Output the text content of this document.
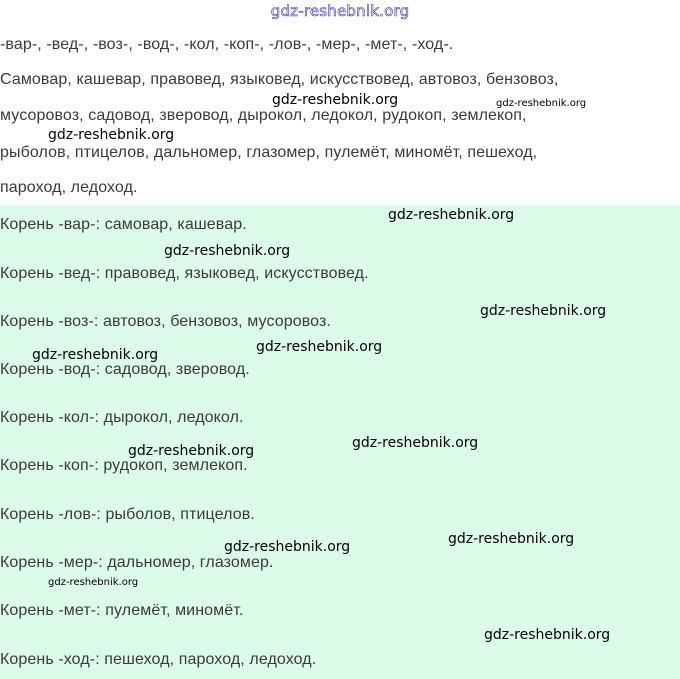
gdz-reshebnik.org
-вар-, -вед-, -воз-, -вод-, -кол, -коп-, -лов-, -мер-, -мет-, -ход-.
Самовар, кашевар, правовед, языковед, искусствовед, автовоз, бензовоз,
мусоровоз, садовод, зверовод, дырокол, ледокол, рудокоп, землекоп,
рыболов, птицелов, дальномер, глазомер, пулемёт, миномёт, пешеход,
пароход, ледоход.
Корень -вар-: самовар, кашевар.
Корень -вед-: правовед, языковед, искусствовед.
Корень -воз-: автовоз, бензовоз, мусоровоз.
Корень -вод-: садовод, зверовод.
Корень -кол-: дырокол, ледокол.
Корень -коп-: рудокоп, землекоп.
Корень -лов-: рыболов, птицелов.
Корень -мер-: дальномер, глазомер.
Корень -мет-: пулемёт, миномёт.
Корень -ход-: пешеход, пароход, ледоход.
gdz-reshebnik.org	gdz-reshebnik.org
gdz-reshebnik.org
gdz-reshebnik.org
gdz-reshebnik.org
gdz-reshebnik.org
gdz-reshebnik.org
gdz-reshebnik.org
gdz-reshebnik.org
gdz-reshebnik.org
gdz-reshebnik.org
gdz-reshebnik.org
gdz-reshebnik.org
gdz-reshebnik.org
